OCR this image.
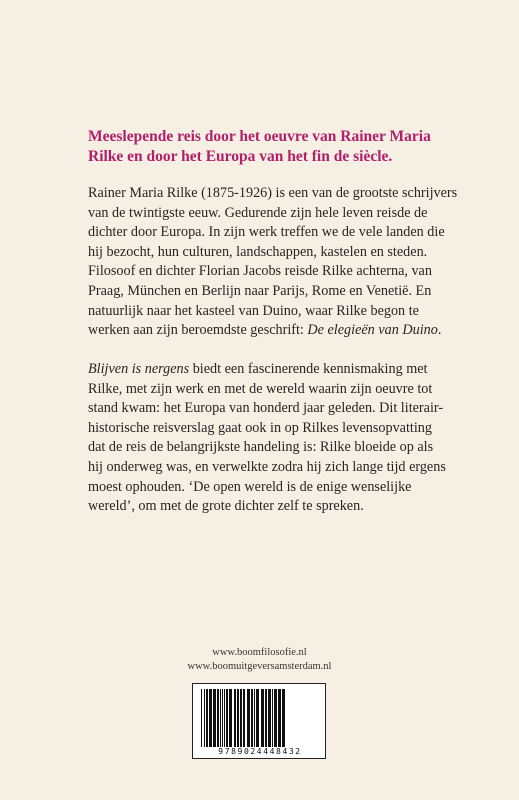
Meeslepende reis door het oeuvre van Rainer Maria
Rilke en door het Europa van het fin de siècle.

Rainer Maria Rilke (1875-1926) is een van de grootste schrijvers
van de twintigste eeuw. Gedurende zijn hele leven reisde de
dichter door Europa. In zijn werk treffen we de vele landen die
hij bezocht, hun culturen, landschappen, kastelen en steden.
Filosoof en dichter Florian Jacobs reisde Rilke achterna, van
Praag, München en Berlijn naar Parijs, Rome en Venetië. En
natuurlijk naar het kasteel van Duino, waar Rilke begon te
werken aan zijn beroemdste geschrift: De elegieën van Duino.

Blijven is nergens biedt een fascinerende kennismaking met
Rilke, met zijn werk en met de wereld waarin zijn oeuvre tot
stand kwam: het Europa van honderd jaar geleden. Dit literair-
historische reisverslag gaat ook in op Rilkes levensopvatting
dat de reis de belangrijkste handeling is: Rilke bloeide op als
hij onderweg was, en verwelkte zodra hij zich lange tijd ergens
moest ophouden. ‘De open wereld is de enige wenselijke
wereld’, om met de grote dichter zelf te spreken.

www.boomfilosofie.nl
www.boomuitgeversamsterdam.nl
9789024448432
